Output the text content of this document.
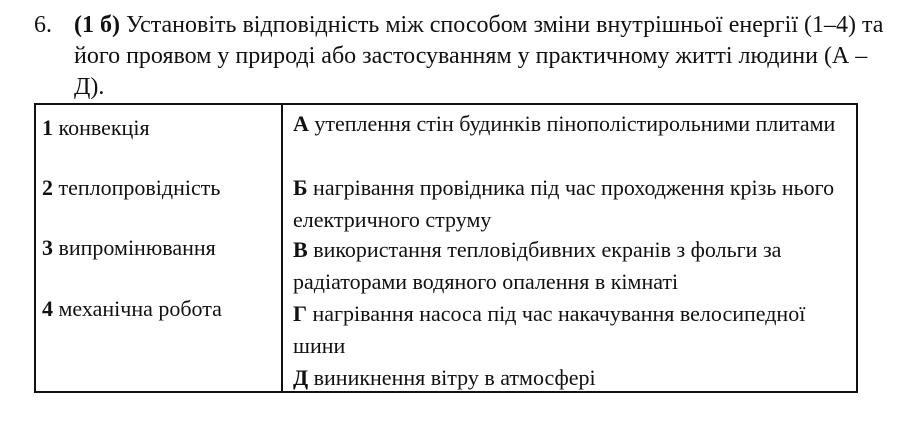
6. (1 б) Установіть відповідність між способом зміни внутрішньої енергії (1–4) та його проявом у природі або застосуванням у практичному житті людини (А – Д).
1 конвекція
2 теплопровідність
3 випромінювання
4 механічна робота

А утеплення стін будинків пінополістирольними плитами
Б нагрівання провідника під час проходження крізь нього електричного струму
В використання тепловідбивних екранів з фольги за радіаторами водяного опалення в кімнаті
Г нагрівання насоса під час накачування велосипедної шини
Д виникнення вітру в атмосфері
